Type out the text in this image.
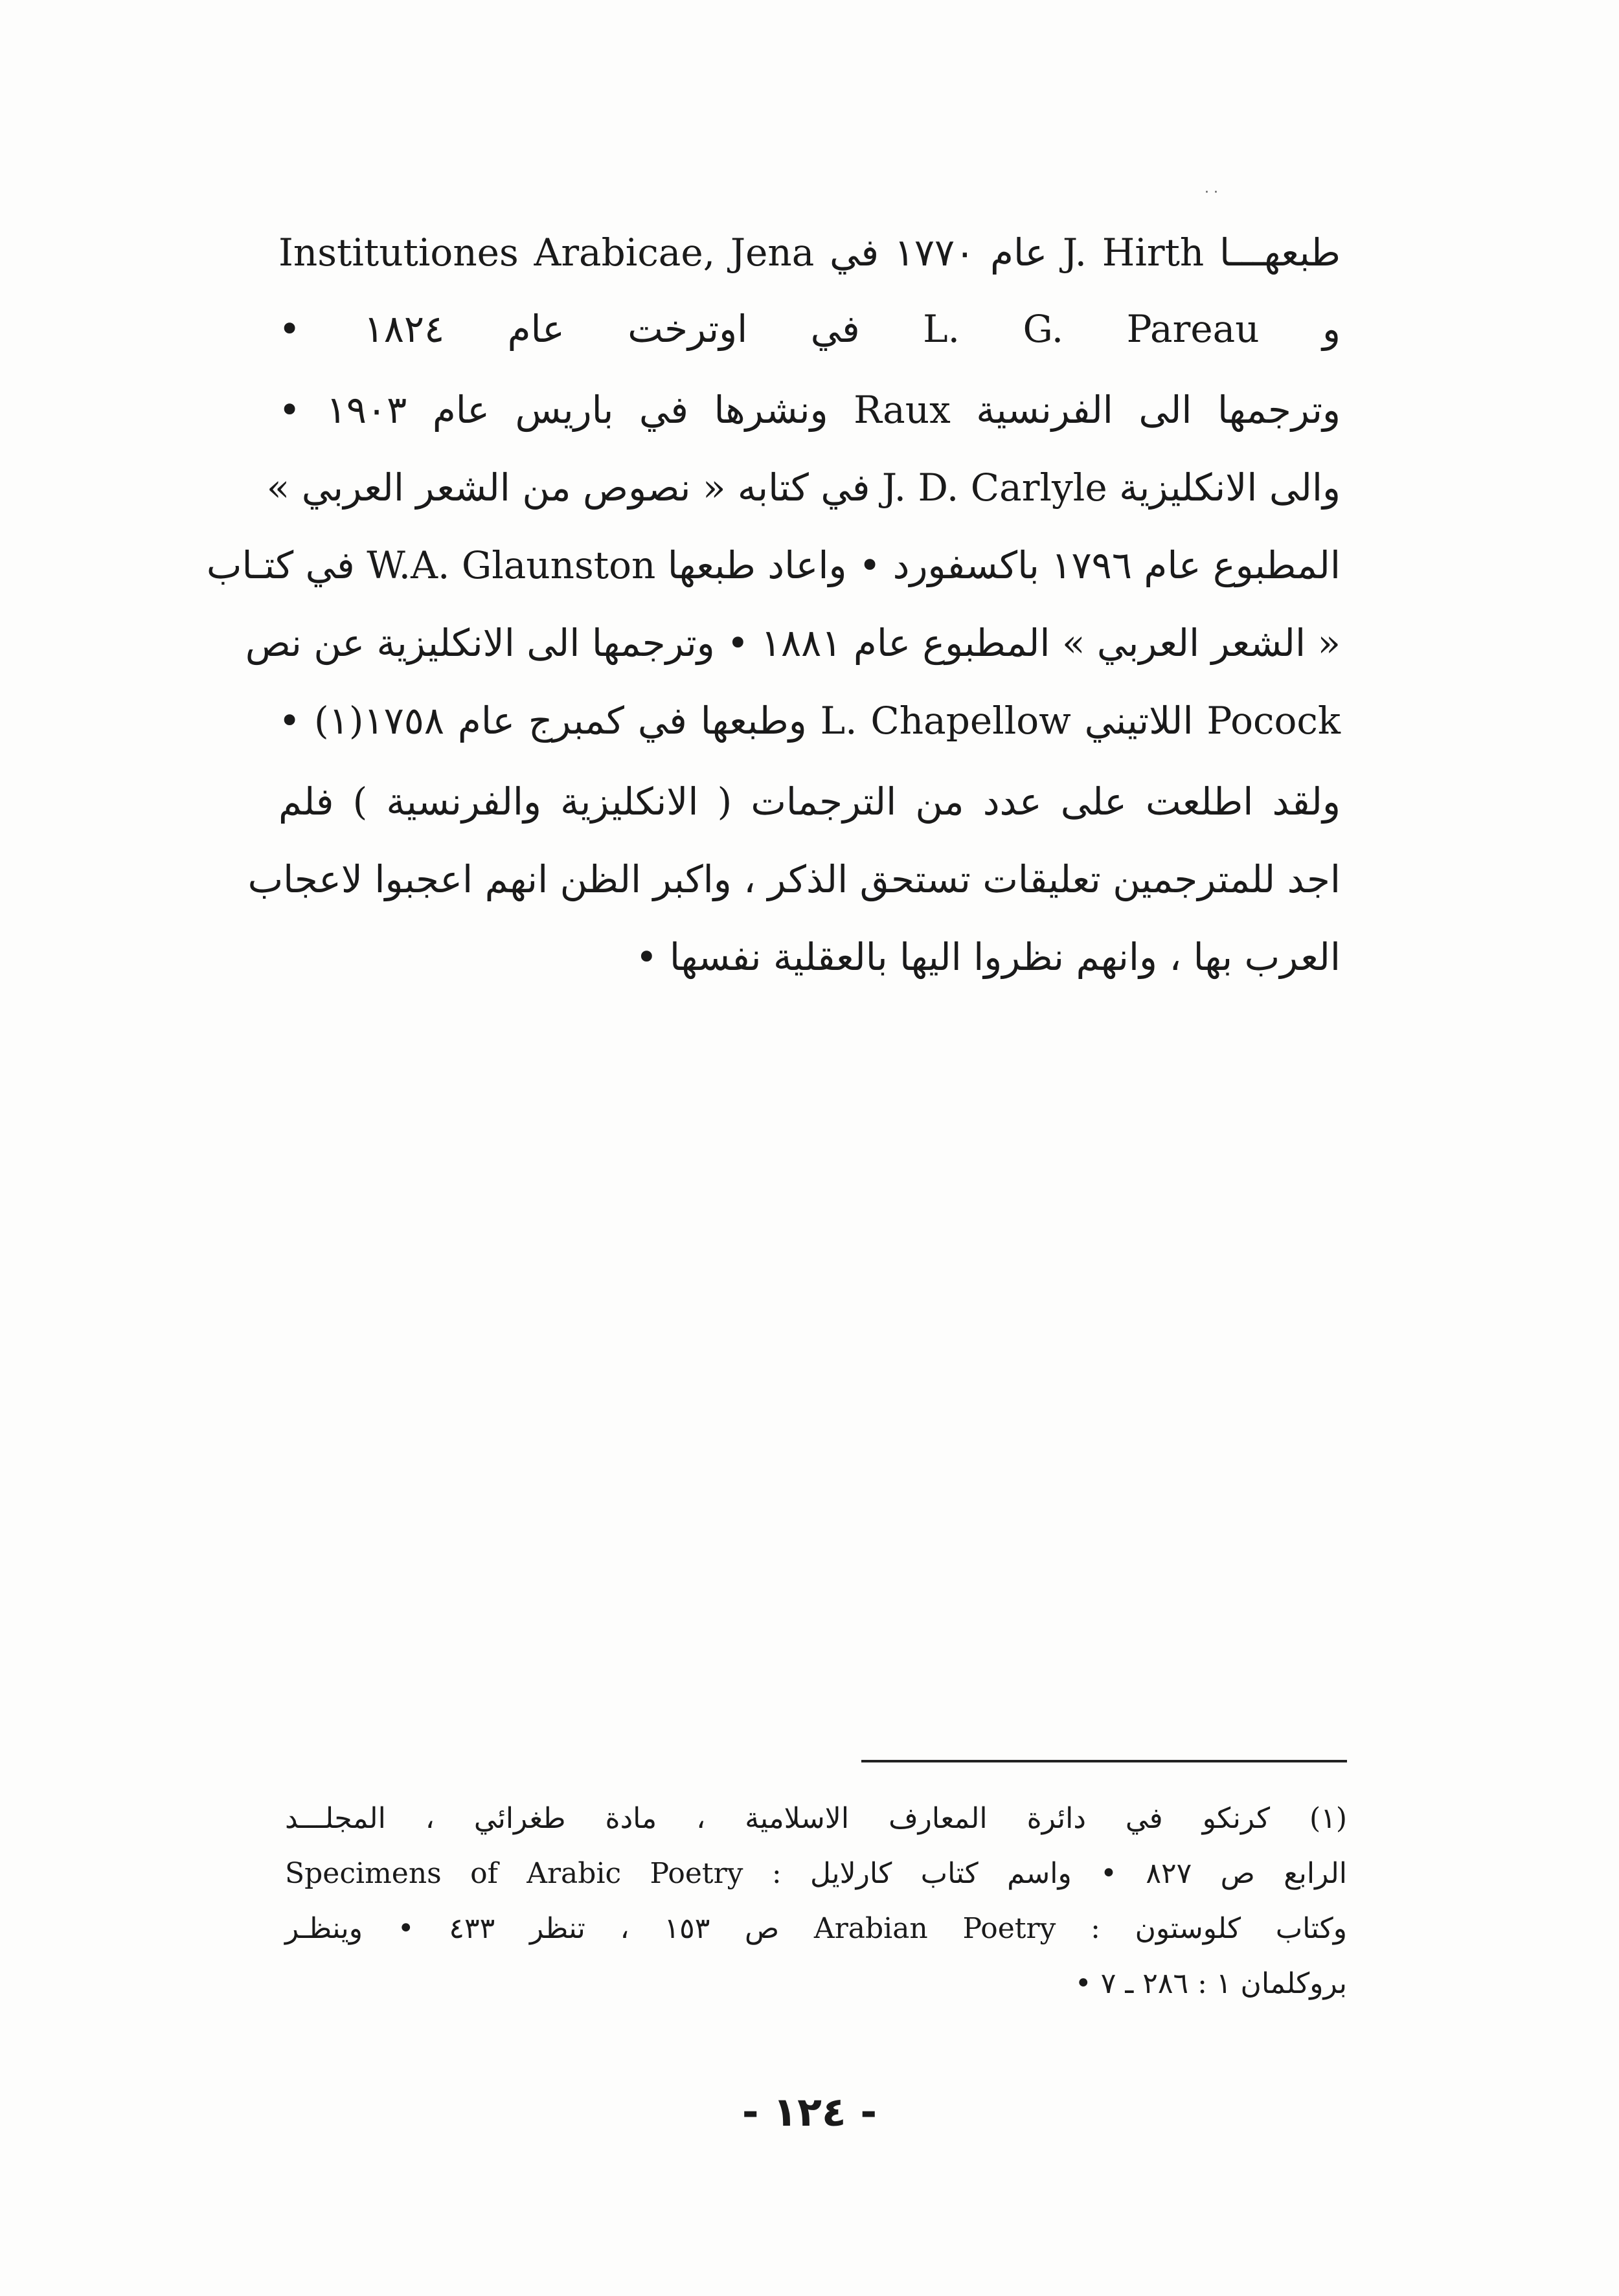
· ·
طبعهـــا J. Hirth عام ١٧٧٠ في Institutiones Arabicae, Jena
و L. G. Pareau في اوترخت عام ١٨٢٤ •
وترجمها الى الفرنسية Raux ونشرها في باريس عام ١٩٠٣ •
والى الانكليزية J. D. Carlyle في كتابه « نصوص من الشعر العربي »
المطبوع عام ١٧٩٦ باكسفورد • واعاد طبعها W.A. Glaunston في كتـاب
« الشعر العربي » المطبوع عام ١٨٨١ • وترجمها الى الانكليزية عن نص
Pocock اللاتيني L. Chapellow وطبعها في كمبرج عام ١٧٥٨(١) •
ولقد اطلعت على عدد من الترجمات ( الانكليزية والفرنسية ) فلم
اجد للمترجمين تعليقات تستحق الذكر ، واكبر الظن انهم اعجبوا لاعجاب
العرب بها ، وانهم نظروا اليها بالعقلية نفسها •
(١) كرنكو في دائرة المعارف الاسلامية ، مادة طغرائي ، المجلـــد
الرابع ص ٨٢٧ • واسم كتاب كارلايل : Specimens of Arabic Poetry
وكتاب كلوستون : Arabian Poetry ص ١٥٣ ، تنظر ٤٣٣ • وينظـر
بروكلمان ١ : ٢٨٦ ـ ٧ •
- ١٢٤ -
